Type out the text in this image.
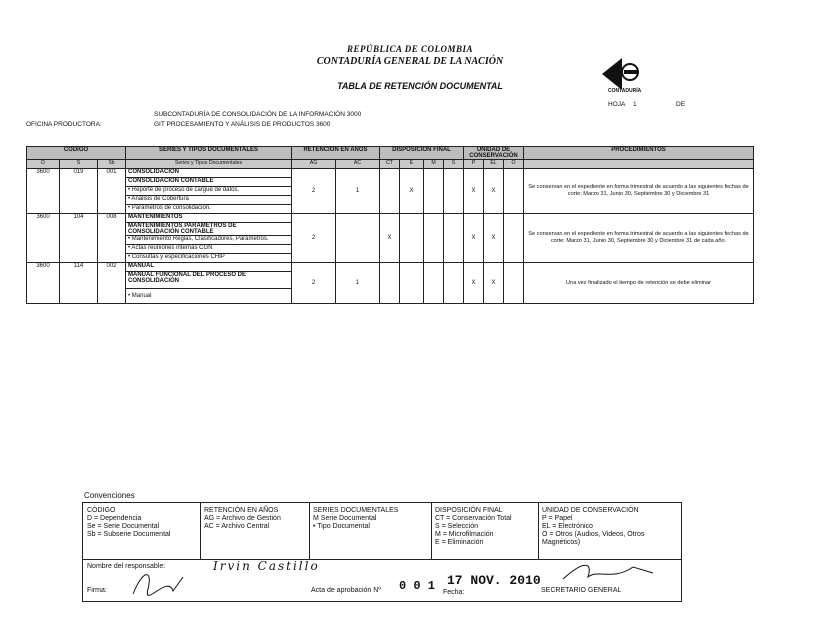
REPÚBLICA DE COLOMBIA
CONTADURÍA GENERAL DE LA NACIÓN
TABLA DE RETENCIÓN DOCUMENTAL	CONTADURÍA
HOJA 1	DE
SUBCONTADURÍA DE CONSOLIDACIÓN DE LA INFORMACIÓN 3000
OFICINA PRODUCTORA:	GIT PROCESAMIENTO Y ANÁLISIS DE PRODUCTOS 3600
CÓDIGO			SERIES Y TIPOS DOCUMENTALES	RETENCIÓN EN AÑOS		DISPOSICIÓN FINAL				UNIDAD DE CONSERVACIÓN			PROCEDIMIENTOS
D	S	Sb	Series y Tipos Documentales	AG	AC	CT	E	M	S	P	EL	O	
3600	019	001	CONSOLIDACIÓN	2	1		X			X	X		Se conservan en el expediente en forma trimestral de acuerdo a las siguientes fechas de corte: Marzo 31, Junio 30, Septiembre 30 y Diciembre 31
			CONSOLIDACIÓN CONTABLE										
			• Reporte de proceso de cargue de datos.										
			• Análisis de Cobertura										
			• Parámetros de consolidación.										
3600	104	008	MANTENIMIENTOS	2		X				X	X		Se conservan en el expediente en forma trimestral de acuerdo a las siguientes fechas de corte: Marzo 31, Junio 30, Septiembre 30 y Diciembre 31 de cada año.
			MANTENIMIENTOS PARÁMETROS DE CONSOLIDACIÓN CONTABLE										
			• Mantenimiento Reglas, Clasificadores, Parámetros.										
			• Actas reuniones internas CGN										
			• Consultas y especificaciones CHIP										
3600	114	002	MANUAL	2	1					X	X		Una vez finalizado el tiempo de retención se debe eliminar
			MANUAL FUNCIONAL DEL PROCESO DE CONSOLIDACIÓN										
			• Manual										
Convenciones
CÓDIGO
D = Dependencia
Se = Serie Documental
Sb = Subserie Documental
RETENCIÓN EN AÑOS
AG = Archivo de Gestión
AC = Archivo Central
SERIES DOCUMENTALES
M Serie Documental
• Tipo Documental
DISPOSICIÓN FINAL
CT = Conservación Total
S = Selección
M = Microfilmación
E = Eliminación
UNIDAD DE CONSERVACIÓN
P = Papel
EL = Electrónico
O = Otros (Audios, Videos, Otros Magnéticos)
Nombre del responsable:	Irvin Castillo
Firma:	Acta de aprobación Nº 0 0 1 17 NOV. 2010
Fecha:	SECRETARIO GENERAL
